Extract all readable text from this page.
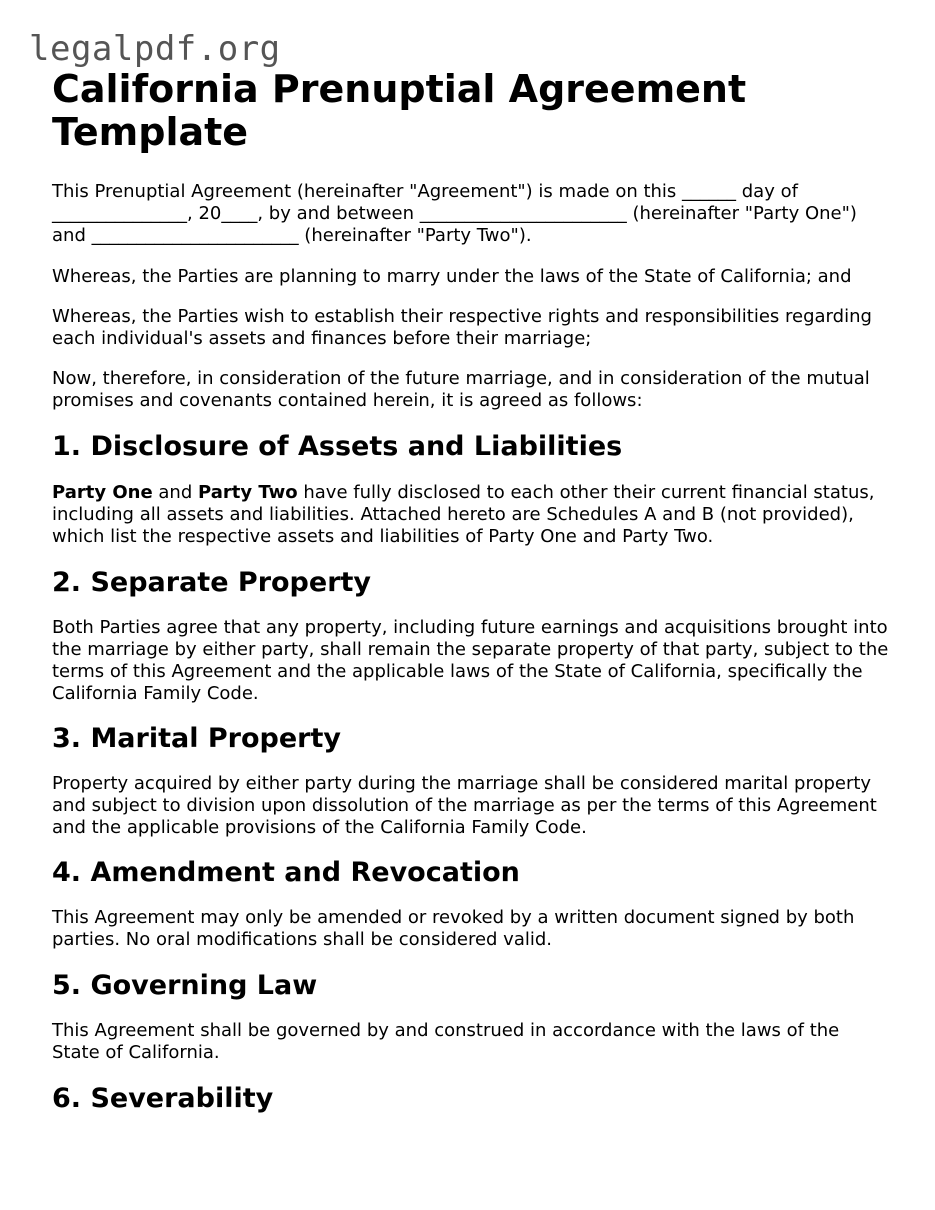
legalpdf.org
California Prenuptial Agreement Template

This Prenuptial Agreement (hereinafter "Agreement") is made on this ______ day of _______________, 20____, by and between _______________________ (hereinafter "Party One") and _______________________ (hereinafter "Party Two").

Whereas, the Parties are planning to marry under the laws of the State of California; and

Whereas, the Parties wish to establish their respective rights and responsibilities regarding each individual's assets and finances before their marriage;

Now, therefore, in consideration of the future marriage, and in consideration of the mutual promises and covenants contained herein, it is agreed as follows:

1. Disclosure of Assets and Liabilities

Party One and Party Two have fully disclosed to each other their current financial status, including all assets and liabilities. Attached hereto are Schedules A and B (not provided), which list the respective assets and liabilities of Party One and Party Two.

2. Separate Property

Both Parties agree that any property, including future earnings and acquisitions brought into the marriage by either party, shall remain the separate property of that party, subject to the terms of this Agreement and the applicable laws of the State of California, specifically the California Family Code.

3. Marital Property

Property acquired by either party during the marriage shall be considered marital property and subject to division upon dissolution of the marriage as per the terms of this Agreement and the applicable provisions of the California Family Code.

4. Amendment and Revocation

This Agreement may only be amended or revoked by a written document signed by both parties. No oral modifications shall be considered valid.

5. Governing Law

This Agreement shall be governed by and construed in accordance with the laws of the State of California.

6. Severability
